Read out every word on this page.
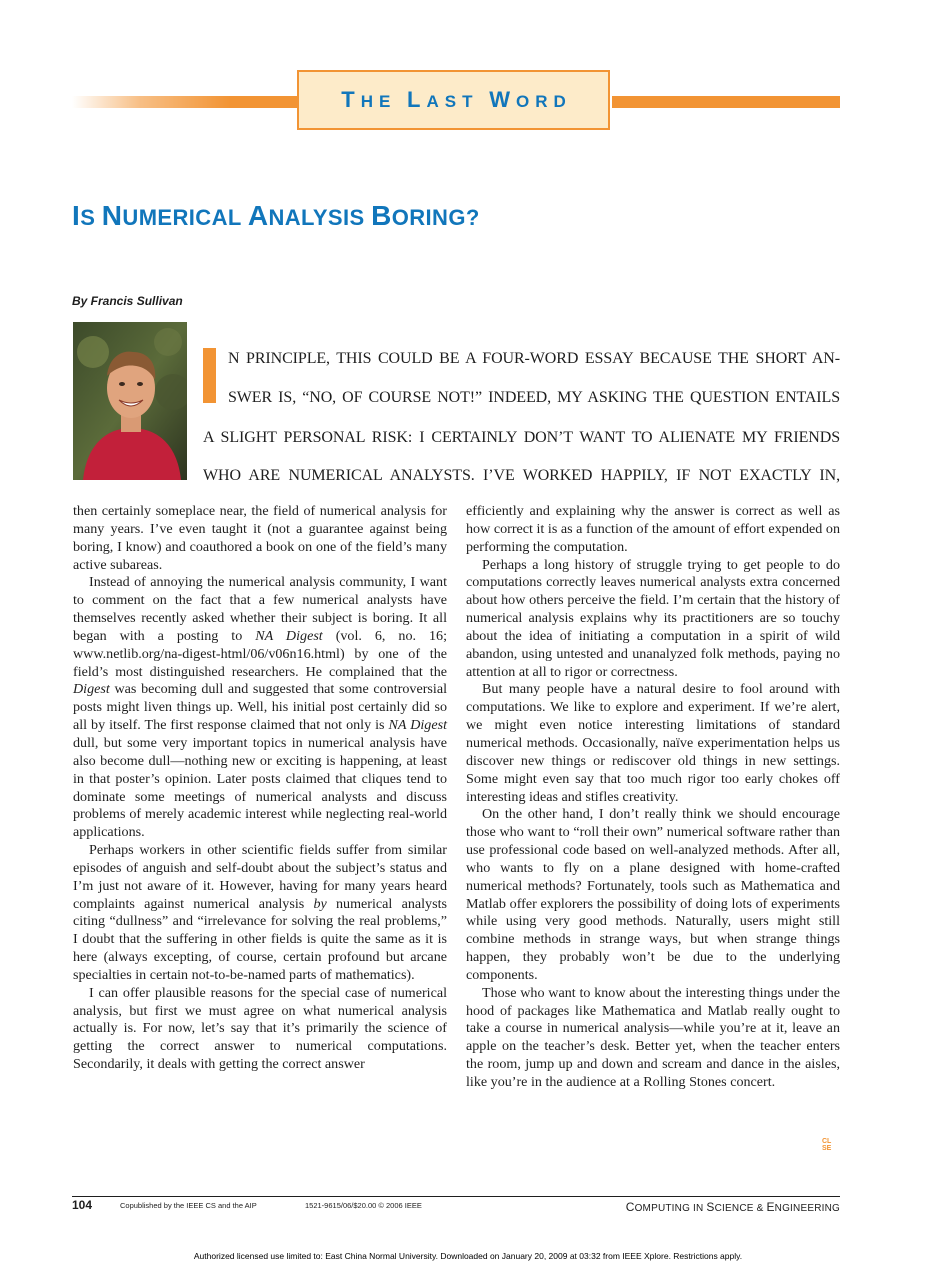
THE LAST WORD
IS NUMERICAL ANALYSIS BORING?
By Francis Sullivan
N PRINCIPLE, THIS COULD BE A FOUR-WORD ESSAY BECAUSE THE SHORT AN-
SWER IS, “NO, OF COURSE NOT!” INDEED, MY ASKING THE QUESTION ENTAILS
A SLIGHT PERSONAL RISK: I CERTAINLY DON’T WANT TO ALIENATE MY FRIENDS
WHO ARE NUMERICAL ANALYSTS. I’VE WORKED HAPPILY, IF NOT EXACTLY IN,

then certainly someplace near, the field of numerical analysis for many years. I’ve even taught it (not a guarantee against being boring, I know) and coauthored a book on one of the field’s many active subareas.

Instead of annoying the numerical analysis community, I want to comment on the fact that a few numerical analysts have themselves recently asked whether their subject is boring. It all began with a posting to NA Digest (vol. 6, no. 16; www.netlib.org/na-digest-html/06/v06n16.html) by one of the field’s most distinguished researchers. He complained that the Digest was becoming dull and suggested that some controversial posts might liven things up. Well, his initial post certainly did so all by itself. The first response claimed that not only is NA Digest dull, but some very important topics in numerical analysis have also become dull—nothing new or exciting is happening, at least in that poster’s opinion. Later posts claimed that cliques tend to dominate some meetings of numerical analysts and discuss problems of merely academic interest while neglecting real-world applications.

Perhaps workers in other scientific fields suffer from similar episodes of anguish and self-doubt about the subject’s status and I’m just not aware of it. However, having for many years heard complaints against numerical analysis by numerical analysts citing “dullness” and “irrelevance for solving the real problems,” I doubt that the suffering in other fields is quite the same as it is here (always excepting, of course, certain profound but arcane specialties in certain not-to-be-named parts of mathematics).

I can offer plausible reasons for the special case of numerical analysis, but first we must agree on what numerical analysis actually is. For now, let’s say that it’s primarily the science of getting the correct answer to numerical computations. Secondarily, it deals with getting the correct answer

efficiently and explaining why the answer is correct as well as how correct it is as a function of the amount of effort expended on performing the computation.

Perhaps a long history of struggle trying to get people to do computations correctly leaves numerical analysts extra concerned about how others perceive the field. I’m certain that the history of numerical analysis explains why its practitioners are so touchy about the idea of initiating a computation in a spirit of wild abandon, using untested and unanalyzed folk methods, paying no attention at all to rigor or correctness.

But many people have a natural desire to fool around with computations. We like to explore and experiment. If we’re alert, we might even notice interesting limitations of standard numerical methods. Occasionally, naïve experimentation helps us discover new things or rediscover old things in new settings. Some might even say that too much rigor too early chokes off interesting ideas and stifles creativity.

On the other hand, I don’t really think we should encourage those who want to “roll their own” numerical software rather than use professional code based on well-analyzed methods. After all, who wants to fly on a plane designed with home-crafted numerical methods? Fortunately, tools such as Mathematica and Matlab offer explorers the possibility of doing lots of experiments while using very good methods. Naturally, users might still combine methods in strange ways, but when strange things happen, they probably won’t be due to the underlying components.

Those who want to know about the interesting things under the hood of packages like Mathematica and Matlab really ought to take a course in numerical analysis—while you’re at it, leave an apple on the teacher’s desk. Better yet, when the teacher enters the room, jump up and down and scream and dance in the aisles, like you’re in the audience at a Rolling Stones concert.

CL
SE
104	Copublished by the IEEE CS and the AIP	1521-9615/06/$20.00 © 2006 IEEE	COMPUTING IN SCIENCE & ENGINEERING
Authorized licensed use limited to: East China Normal University. Downloaded on January 20, 2009 at 03:32 from IEEE Xplore. Restrictions apply.
